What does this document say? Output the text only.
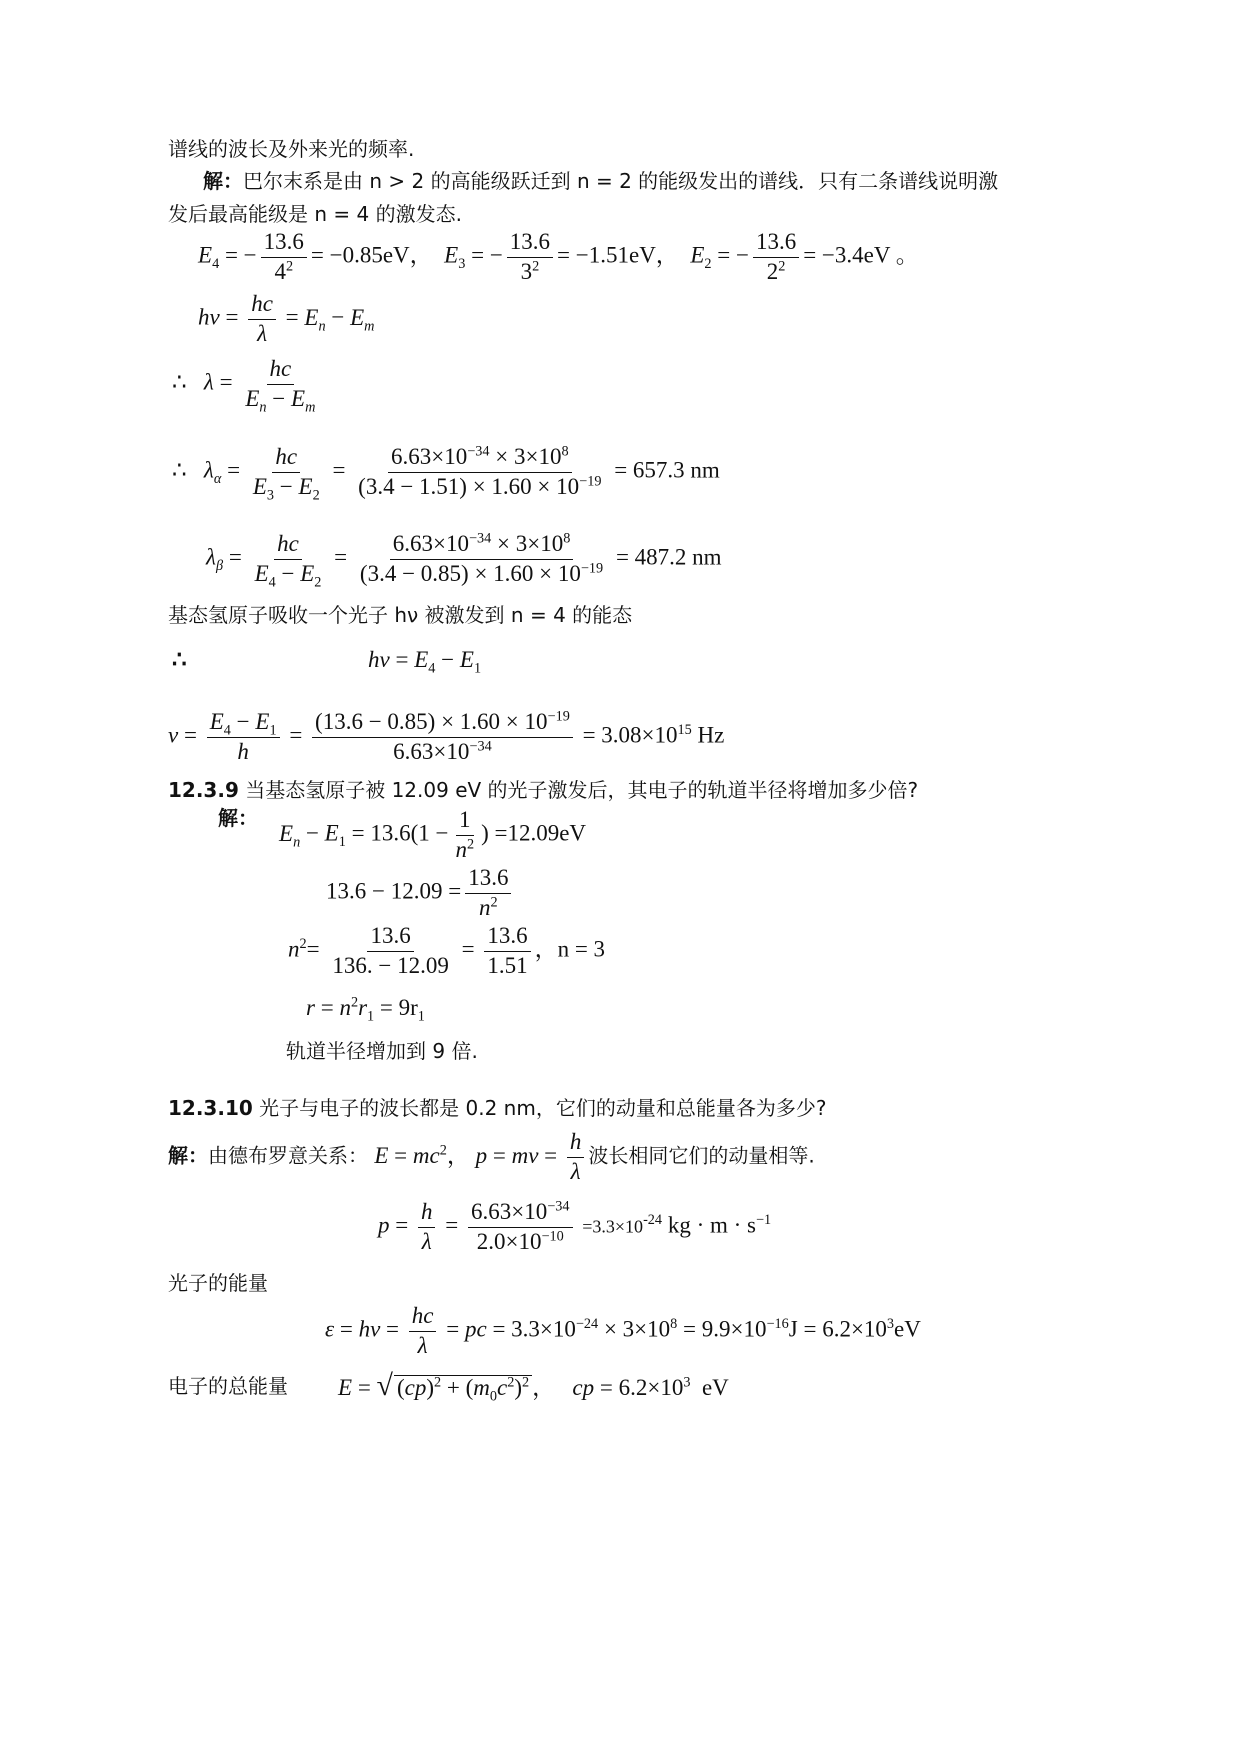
谱线的波长及外来光的频率.
解：巴尔末系是由 n > 2 的高能级跃迁到 n = 2 的能级发出的谱线．只有二条谱线说明激
发后最高能级是 n = 4 的激发态.
$E_4$ = − $\frac{13.6}{4^2} = -0.85eV$， $E_3$ = − $\frac{13.6}{3^2} = -1.51eV$， $E_2$ = − $\frac{13.6}{2^2} = -3.4eV$ 。
$h\nu = \frac{hc}{\lambda} = E_n - E_m$
∴ $\lambda = \frac{hc}{E_n - E_m}$
∴ $\lambda_\alpha = \frac{hc}{E_3 - E_2} = \frac{6.63\times 10^{-34} \times 3\times 10^8}{(3.4 - 1.51) \times 1.60 \times 10^{-19}} = 657.3$ nm
$\lambda_\beta = \frac{hc}{E_4 - E_2} = \frac{6.63\times 10^{-34} \times 3\times 10^8}{(3.4 - 0.85) \times 1.60 \times 10^{-19}} = 487.2$ nm
基态氢原子吸收一个光子 hν 被激发到 n = 4 的能态
∴	$h\nu = E_4 - E_1$
$\nu = \frac{E_4 - E_1}{h} = \frac{(13.6 - 0.85) \times 1.60 \times 10^{-19}}{6.63\times 10^{-34}} = 3.08\times 10^{15}$ Hz
12.3.9 当基态氢原子被 12.09 eV 的光子激发后，其电子的轨道半径将增加多少倍?
解：
$E_n - E_1 = 13.6(1 - \frac{1}{n^2}$ ) =12.09eV
$13.6 - 12.09 = \frac{13.6}{n^2}$
$n^2= \frac{13.6}{136. - 12.09} = \frac{13.6}{1.51}$ ，n = 3
$r = n^2r_1 = 9r_1$
轨道半径增加到 9 倍.
12.3.10 光子与电子的波长都是 0.2 nm，它们的动量和总能量各为多少?
解：由德布罗意关系： $E = mc^2$， p = mv = $\frac{h}{\lambda}$ 波长相同它们的动量相等.
$p = \frac{h}{\lambda} = \frac{6.63\times 10^{-34}}{2.0\times 10^{-10}} =3.3\times 10^{-24}$ kg · $m \cdot s^{-1}$
光子的能量
$\varepsilon = h\nu = \frac{hc}{\lambda}$ = pc = $3.3\times 10^{-24} \times 3\times 10^8 = 9.9\times 10^{-16}J = 6.2\times 10^3eV$
电子的总能量 E = √ $(cp)^2 + (m_0c^2)^2$ ，   cp = $6.2\times 10^3$ eV
